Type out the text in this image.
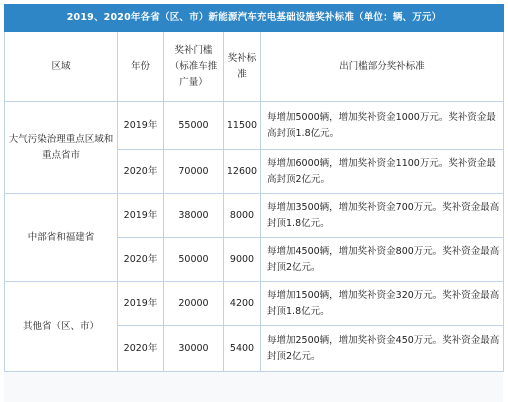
2019、2020年各省（区、市）新能源汽车充电基础设施奖补标准（单位：辆、万元）				
区域	年份	奖补门槛（标准车推广量）	奖补标准	出门槛部分奖补标准
大气污染治理重点区域和重点省市	2019年	55000	11500	每增加5000辆，增加奖补资金1000万元。奖补资金最高封顶1.8亿元。
	2020年	70000	12600	每增加6000辆，增加奖补资金1100万元。奖补资金最高封顶2亿元。
中部省和福建省	2019年	38000	8000	每增加3500辆，增加奖补资金700万元。奖补资金最高封顶1.8亿元。
	2020年	50000	9000	每增加4500辆，增加奖补资金800万元。奖补资金最高封顶2亿元。
其他省（区、市）	2019年	20000	4200	每增加1500辆，增加奖补资金320万元。奖补资金最高封顶1.8亿元。
	2020年	30000	5400	每增加2500辆，增加奖补资金450万元。奖补资金最高封顶2亿元。
